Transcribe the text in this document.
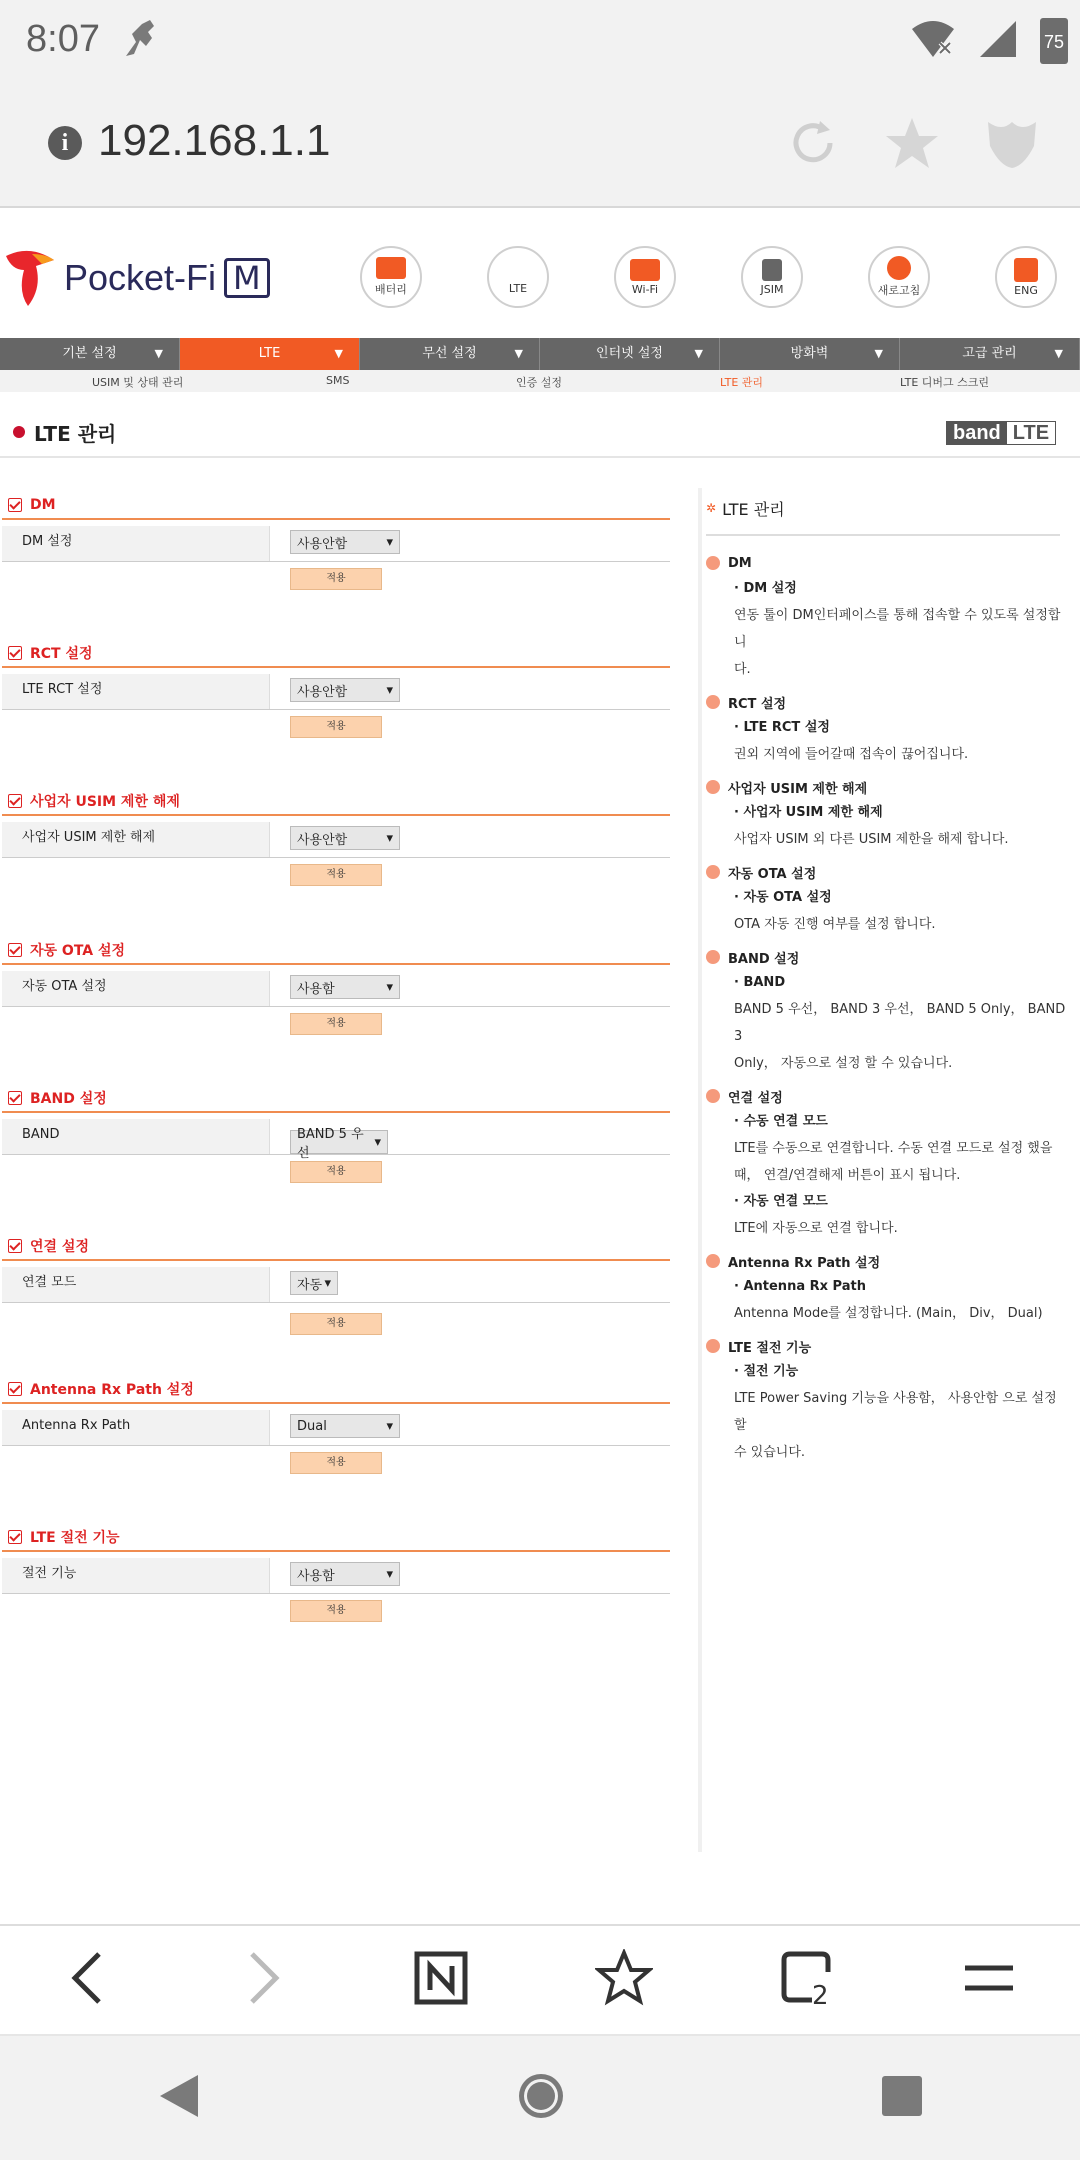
8:07	75
i 192.168.1.1
Pocket-Fi M	배터리	LTE	Wi-Fi	JSIM	새로고침	ENG
기본 설정	▼	LTE	▼	무선 설정	▼	인터넷 설정	▼	방화벽	▼	고급 관리	▼
USIM 및 상태 관리	SMS	인증 설정	LTE 관리	LTE 디버그 스크린
LTE 관리	band LTE
DM
DM 설정	사용안함	▾
적용
RCT 설정
LTE RCT 설정	사용안함	▾
적용
사업자 USIM 제한 해제
사업자 USIM 제한 해제	사용안함	▾
적용
자동 OTA 설정
자동 OTA 설정	사용함	▾
적용
BAND 설정
BAND	BAND 5 우선
▾
적용
연결 설정
연결 모드	자동 ▾
적용
Antenna Rx Path 설정
Antenna Rx Path	Dual	▾
적용
LTE 절전 기능
절전 기능	사용함	▾
적용
✲ LTE 관리
DM
· DM 설정
연동 툴이 DM인터페이스를 통해 접속할 수 있도록 설정합니
다.
RCT 설정
· LTE RCT 설정
권외 지역에 들어갈때 접속이 끊어집니다.
사업자 USIM 제한 해제
· 사업자 USIM 제한 해제
사업자 USIM 외 다른 USIM 제한을 해제 합니다.
자동 OTA 설정
· 자동 OTA 설정
OTA 자동 진행 여부를 설정 합니다.
BAND 설정
· BAND
BAND 5 우선， BAND 3 우선， BAND 5 Only， BAND 3
Only， 자동으로 설정 할 수 있습니다.
연결 설정
· 수동 연결 모드
LTE를 수동으로 연결합니다. 수동 연결 모드로 설정 했을
때， 연결/연결해제 버튼이 표시 됩니다.
· 자동 연결 모드
LTE에 자동으로 연결 합니다.
Antenna Rx Path 설정
· Antenna Rx Path
Antenna Mode를 설정합니다. (Main， Div， Dual)
LTE 절전 기능
· 절전 기능
LTE Power Saving 기능을 사용함， 사용안함 으로 설정 할
수 있습니다.
2
